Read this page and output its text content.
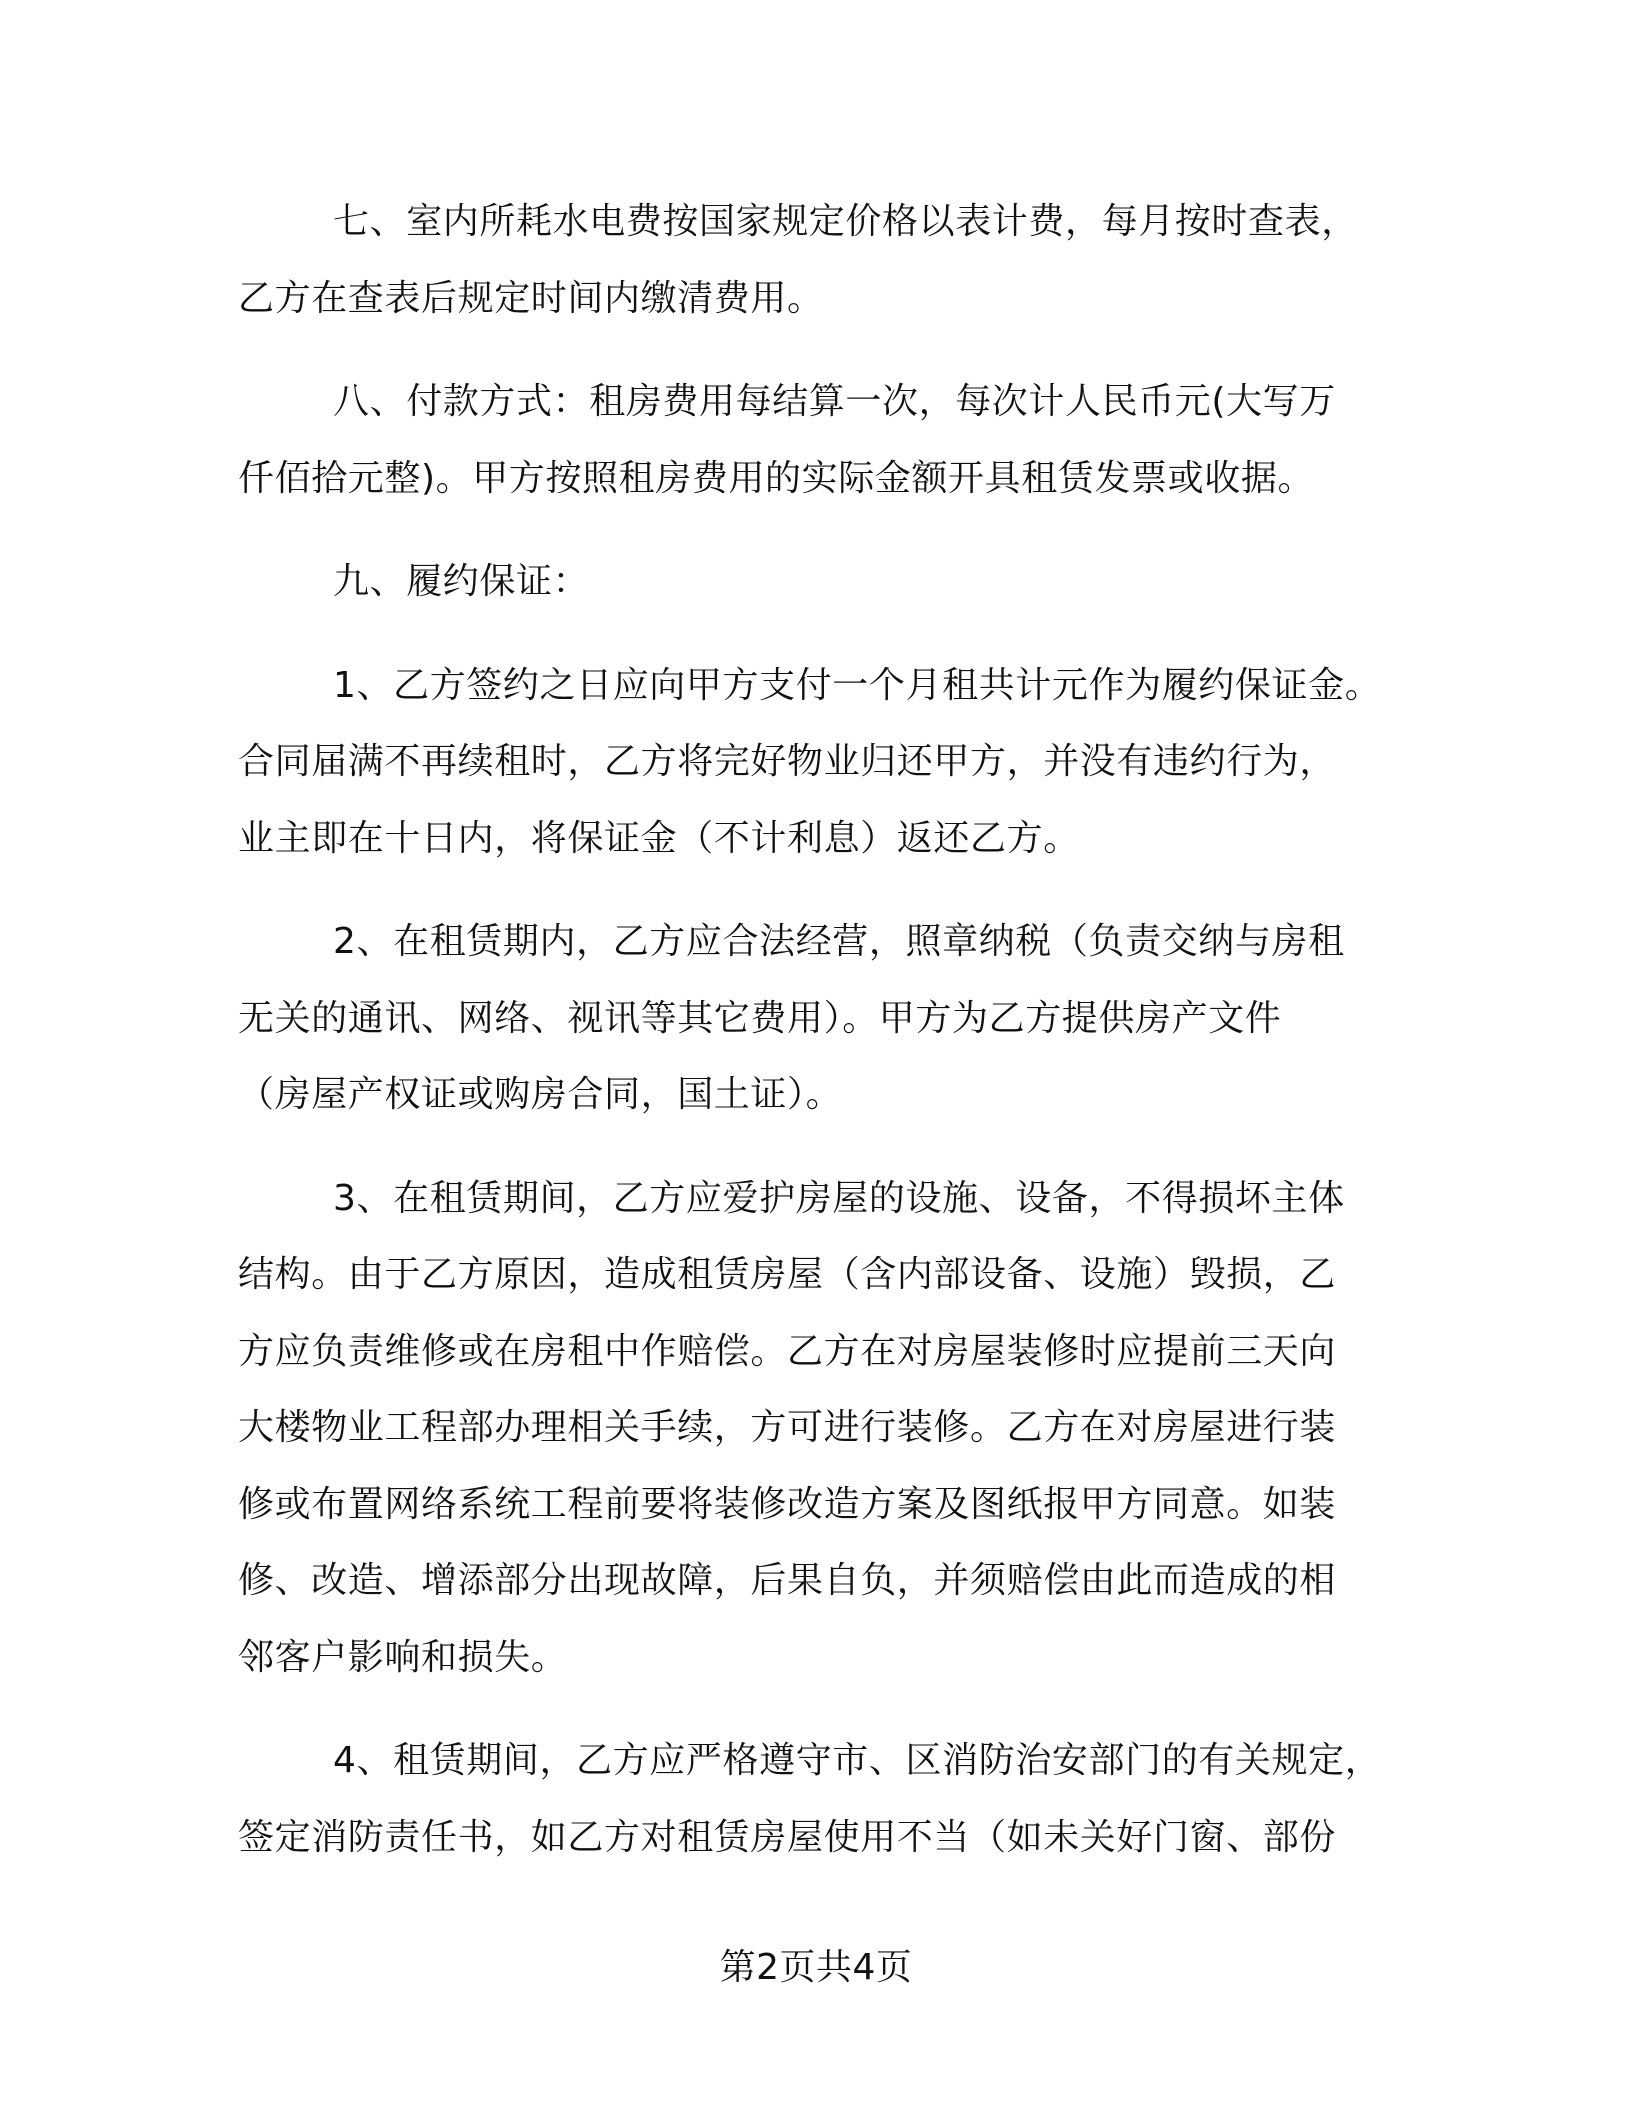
七、室内所耗水电费按国家规定价格以表计费，每月按时查表，
乙方在查表后规定时间内缴清费用。
八、付款方式：租房费用每结算一次，每次计人民币元(大写万
仟佰拾元整)。甲方按照租房费用的实际金额开具租赁发票或收据。
九、履约保证：
1、乙方签约之日应向甲方支付一个月租共计元作为履约保证金。
合同届满不再续租时，乙方将完好物业归还甲方，并没有违约行为，
业主即在十日内，将保证金（不计利息）返还乙方。
2、在租赁期内，乙方应合法经营，照章纳税（负责交纳与房租
无关的通讯、网络、视讯等其它费用）。甲方为乙方提供房产文件
（房屋产权证或购房合同，国土证）。
3、在租赁期间，乙方应爱护房屋的设施、设备，不得损坏主体
结构。由于乙方原因，造成租赁房屋（含内部设备、设施）毁损，乙
方应负责维修或在房租中作赔偿。乙方在对房屋装修时应提前三天向
大楼物业工程部办理相关手续，方可进行装修。乙方在对房屋进行装
修或布置网络系统工程前要将装修改造方案及图纸报甲方同意。如装
修、改造、增添部分出现故障，后果自负，并须赔偿由此而造成的相
邻客户影响和损失。
4、租赁期间，乙方应严格遵守市、区消防治安部门的有关规定，
签定消防责任书，如乙方对租赁房屋使用不当（如未关好门窗、部份
第2页共4页
